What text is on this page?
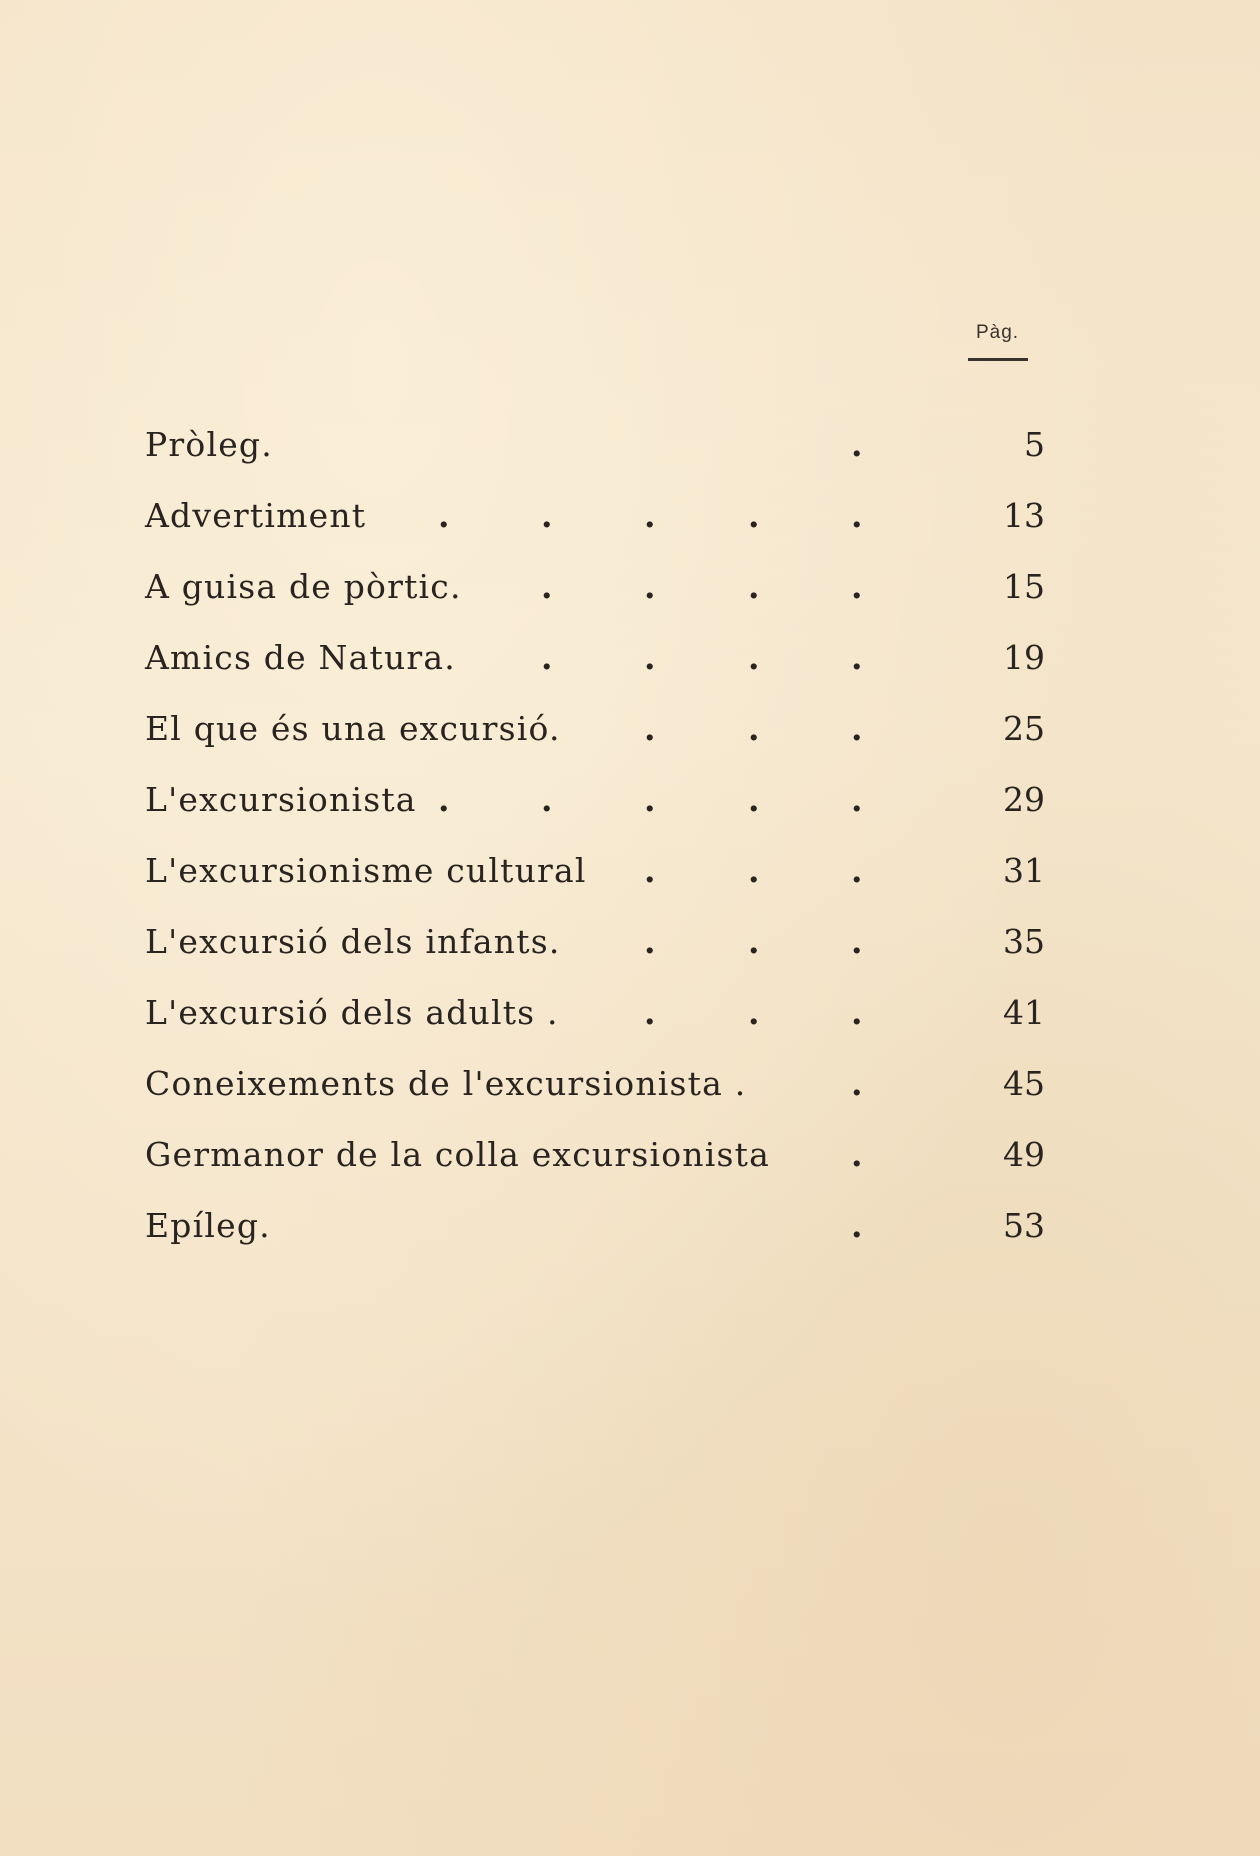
Pàg.
Pròleg.	.	5
Advertiment .	.	.	.	.	13
A guisa de pòrtic. .	.	.	.	15
Amics de Natura.	.	.	.	.	19
El que és una excursió.	.	.	.	25
L'excursionista .	.	.	.	.	29
L'excursionisme cultural .	.	.	31
L'excursió dels infants.	.	.	.	35
L'excursió dels adults .	.	.	.	41
Coneixements de l'excursionista .	.	45
Germanor de la colla excursionista .	49
Epíleg.	.	53
